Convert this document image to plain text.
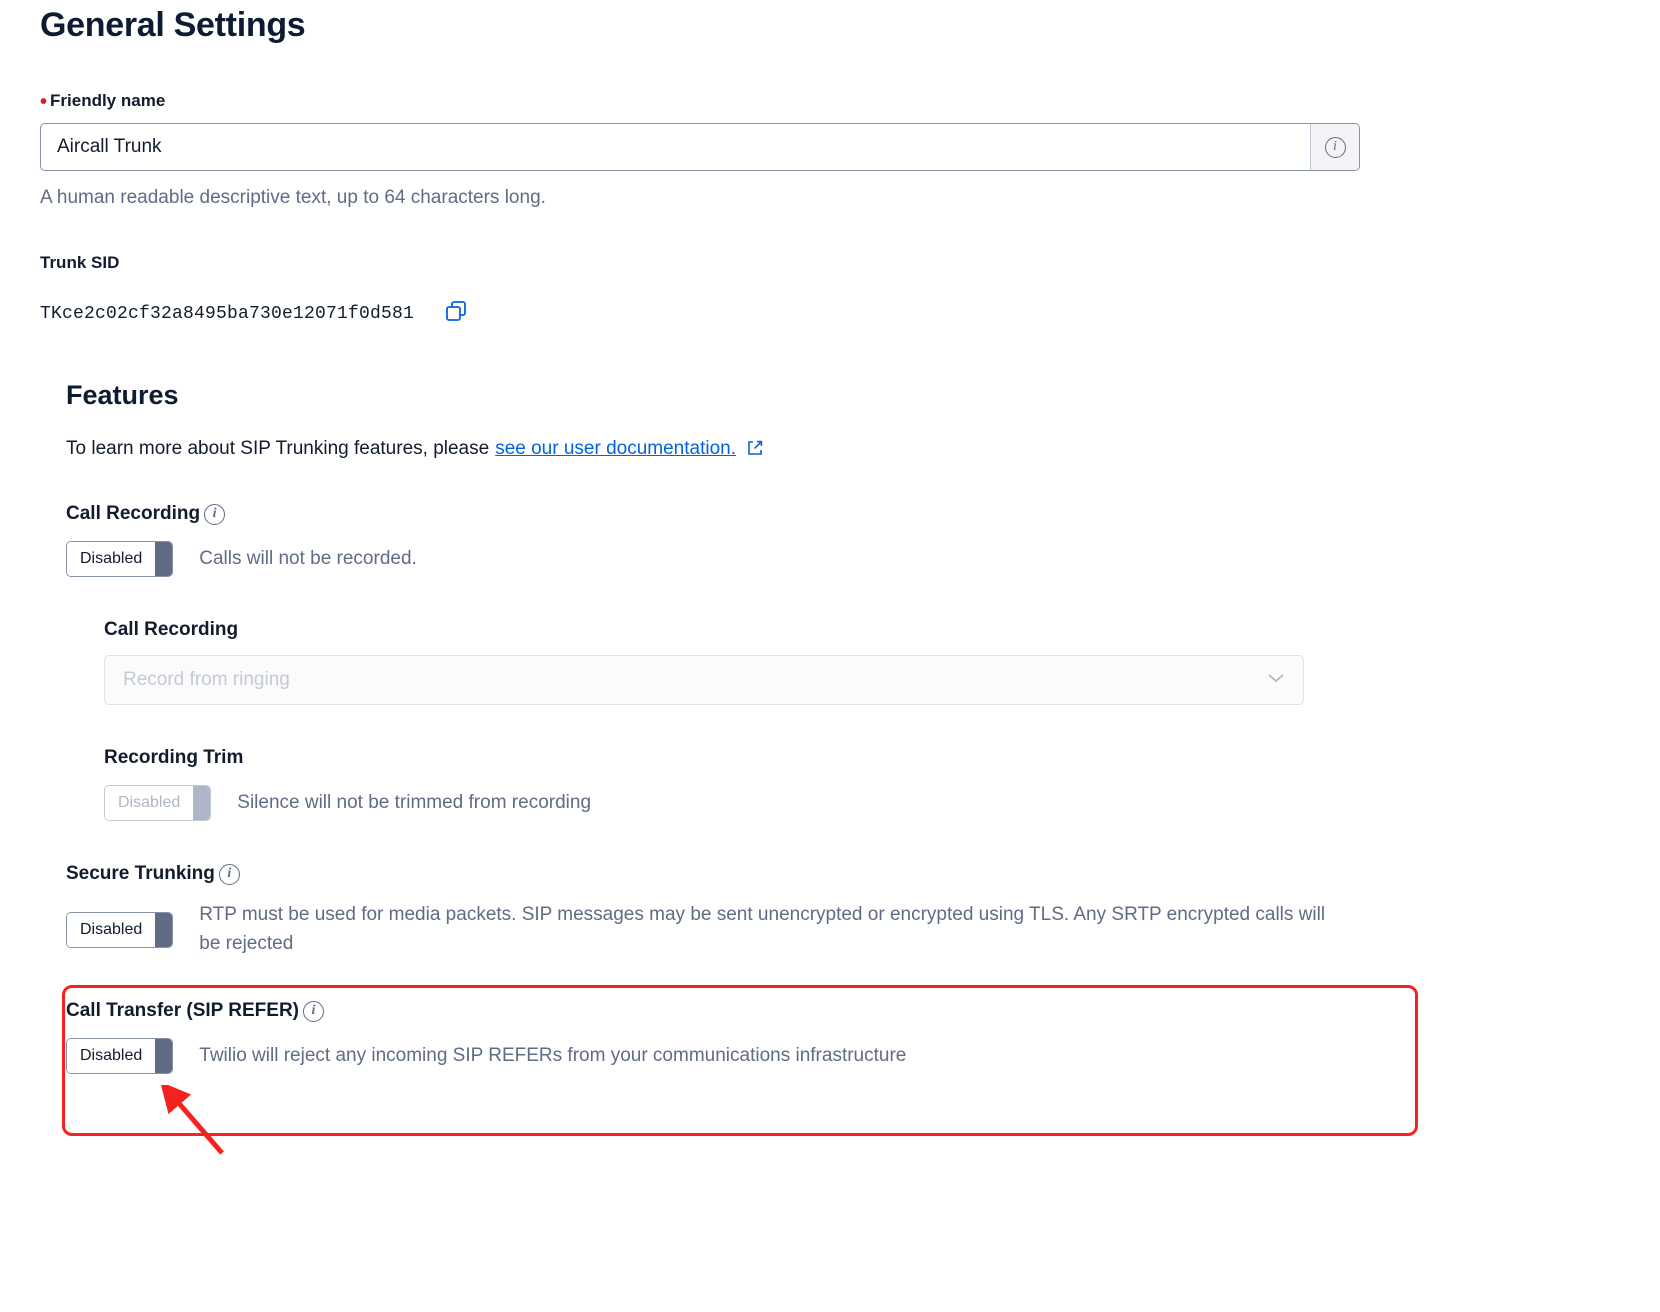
General Settings
• Friendly name
Aircall Trunk
i
A human readable descriptive text, up to 64 characters long.
Trunk SID
TKce2c02cf32a8495ba730e12071f0d581
Features
To learn more about SIP Trunking features, please see our user documentation.
Call Recording i
Disabled	Calls will not be recorded.
Call Recording
Record from ringing
Recording Trim
Disabled	Silence will not be trimmed from recording
Secure Trunking i
Disabled
RTP must be used for media packets. SIP messages may be sent unencrypted or encrypted using TLS. Any SRTP encrypted calls will be rejected
Call Transfer (SIP REFER) i
Disabled	Twilio will reject any incoming SIP REFERs from your communications infrastructure
